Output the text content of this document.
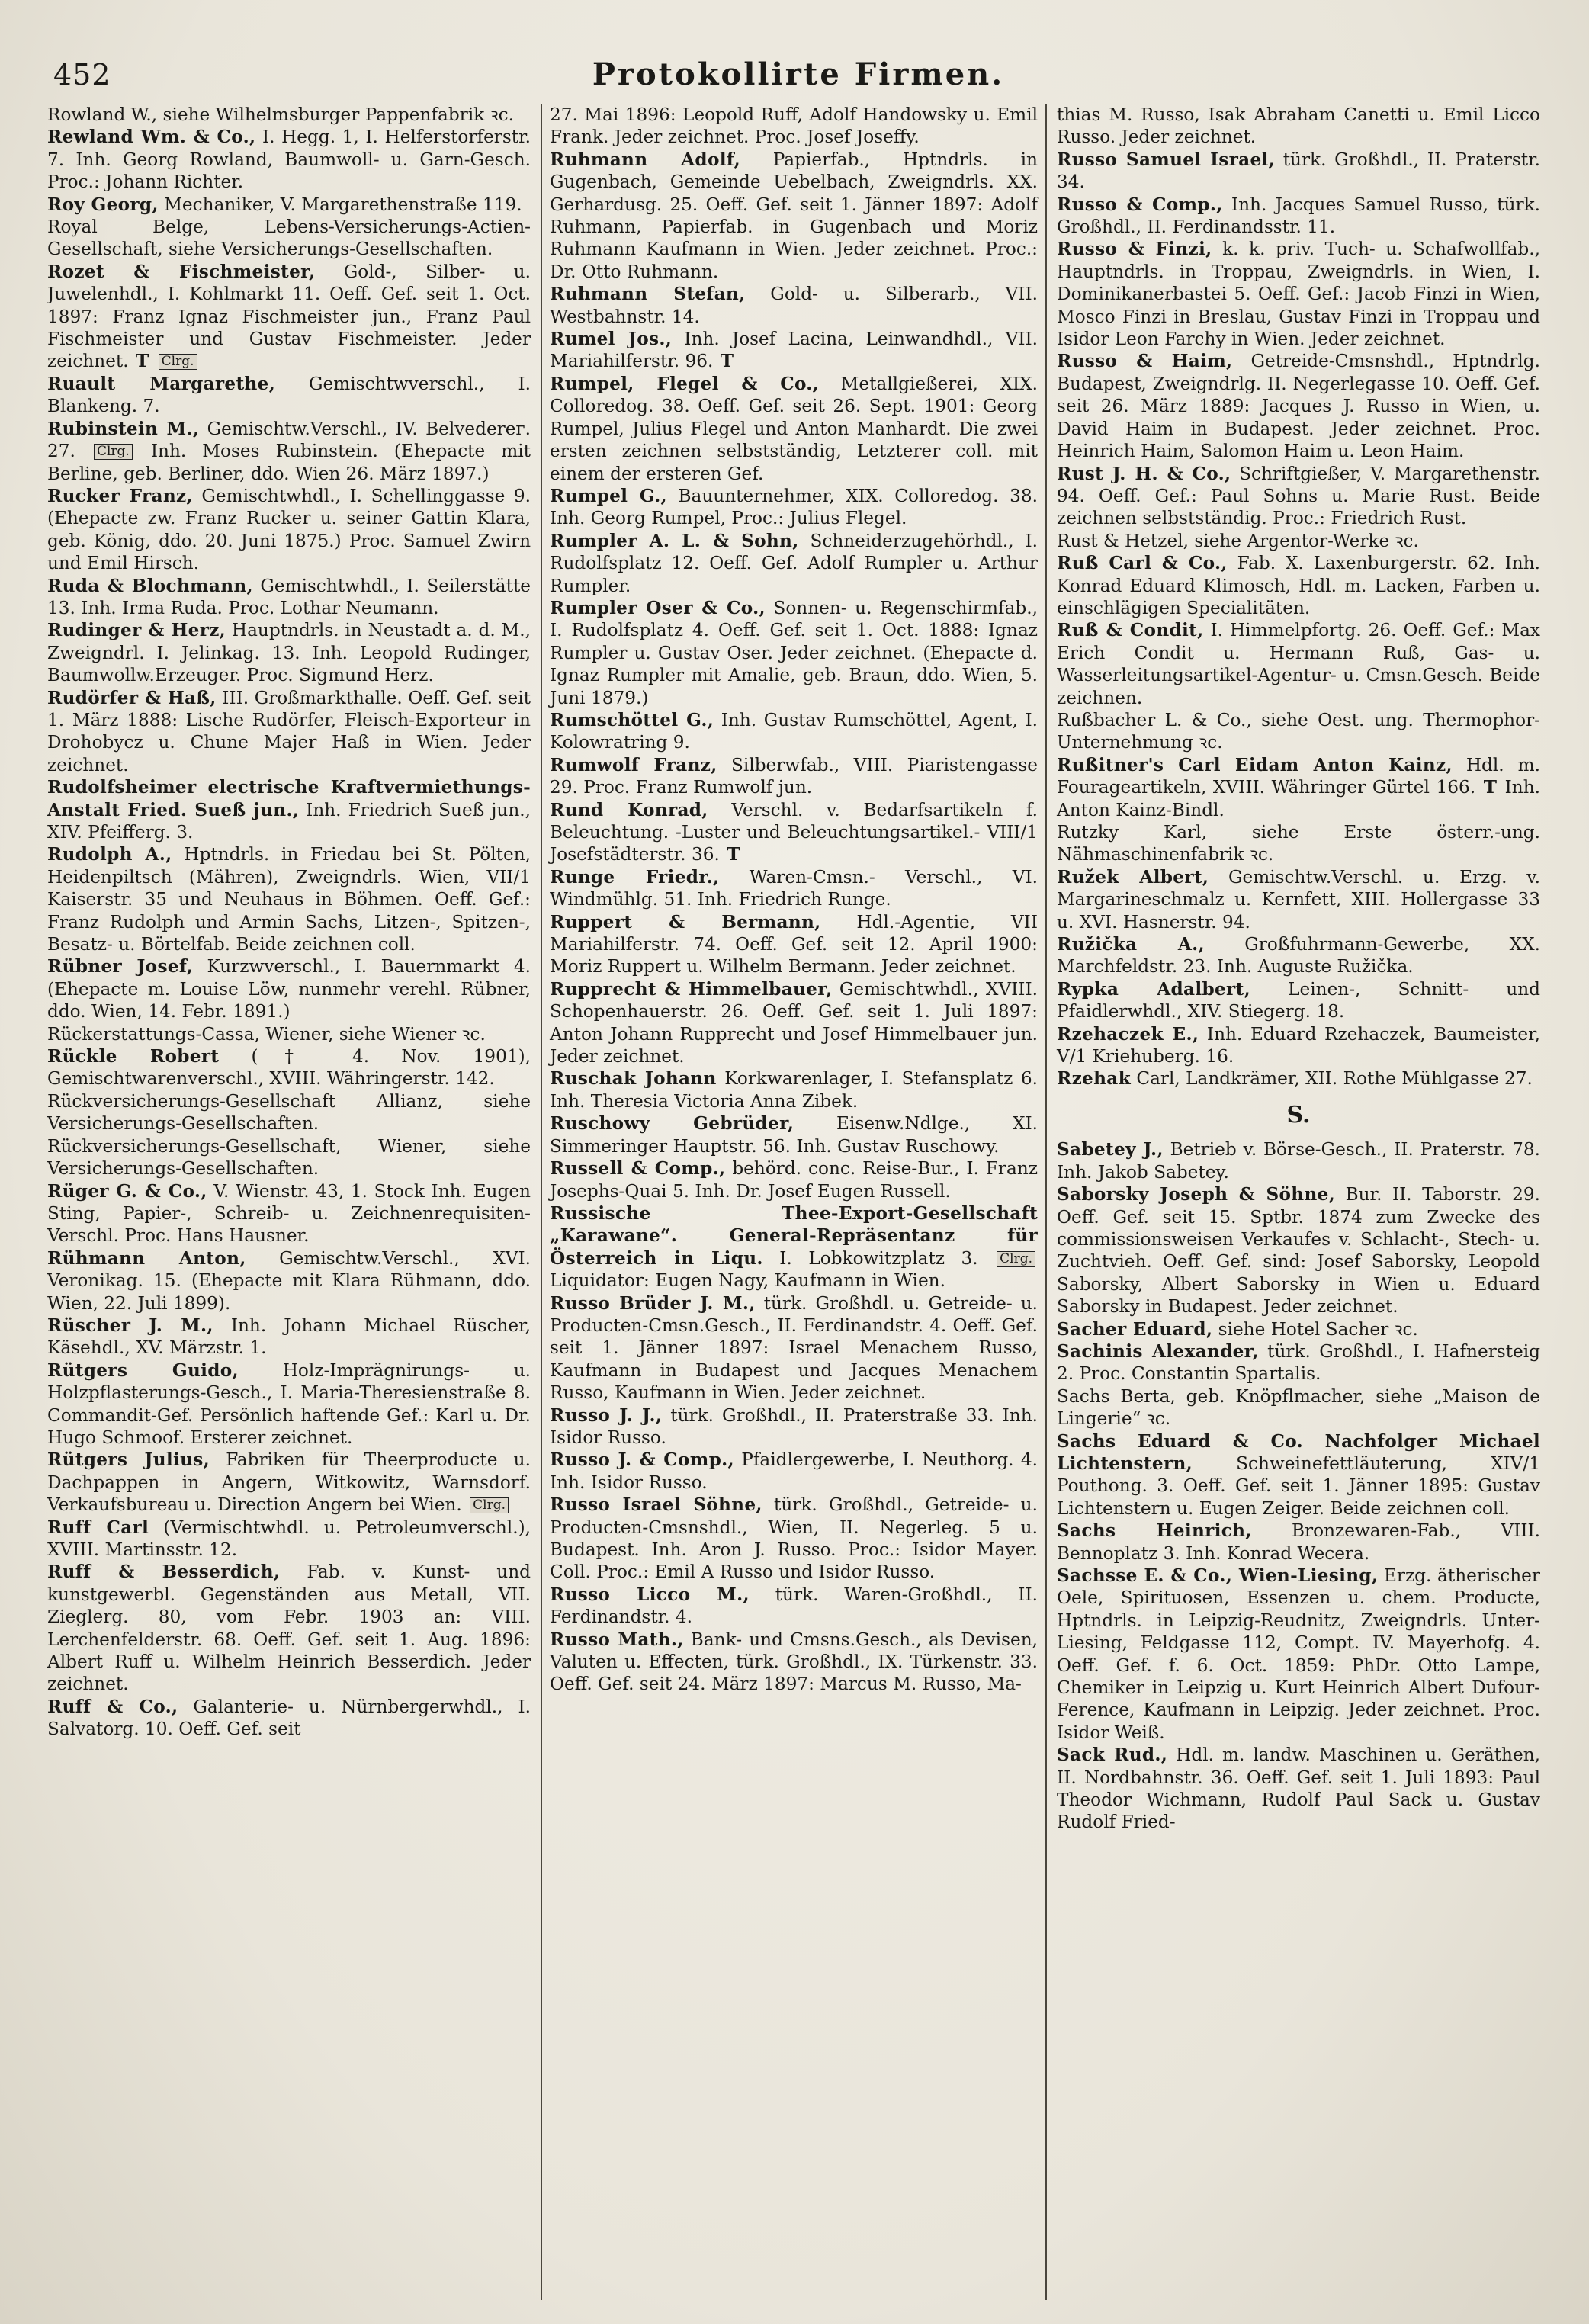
452	Protokollirte Firmen.

Rowland W., siehe Wilhelmsburger Pappenfabrik ꝛc.

Rewland Wm. & Co., I. Hegg. 1, I. Helferstorferstr. 7. Inh. Georg Rowland, Baumwoll- u. Garn-Gesch. Proc.: Johann Richter.

Roy Georg, Mechaniker, V. Margarethenstraße 119.

Royal Belge, Lebens-Versicherungs-Actien-Gesellschaft, siehe Versicherungs-Gesellschaften.

Rozet & Fischmeister, Gold-, Silber- u. Juwelenhdl., I. Kohlmarkt 11. Oeff. Gef. seit 1. Oct. 1897: Franz Ignaz Fischmeister jun., Franz Paul Fischmeister und Gustav Fischmeister. Jeder zeichnet. T Clrg.

Ruault Margarethe, Gemischtwverschl., I. Blankeng. 7.

Rubinstein M., Gemischtw.Verschl., IV. Belvederег. 27. Clrg. Inh. Moses Rubinstein. (Ehepacte mit Berline, geb. Berliner, ddo. Wien 26. März 1897.)

Rucker Franz, Gemischtwhdl., I. Schellinggasse 9. (Ehepacte zw. Franz Rucker u. seiner Gattin Klara, geb. König, ddo. 20. Juni 1875.) Proc. Samuel Zwirn und Emil Hirsch.

Ruda & Blochmann, Gemischtwhdl., I. Seilerstätte 13. Inh. Irma Ruda. Proc. Lothar Neumann.

Rudinger & Herz, Hauptndrls. in Neustadt a. d. M., Zweigndrl. I. Jelinkag. 13. Inh. Leopold Rudinger, Baumwollw.Erzeuger. Proc. Sigmund Herz.

Rudörfer & Haß, III. Großmarkthalle. Oeff. Gef. seit 1. März 1888: Lische Rudörfer, Fleisch-Exporteur in Drohobycz u. Chune Majer Haß in Wien. Jeder zeichnet.

Rudolfsheimer electrische Kraftvermiethungs-Anstalt Fried. Sueß jun., Inh. Friedrich Sueß jun., XIV. Pfeifferg. 3.

Rudolph A., Hptndrls. in Friedau bei St. Pölten, Heidenpiltsch (Mähren), Zweigndrls. Wien, VII/1 Kaiserstr. 35 und Neuhaus in Böhmen. Oeff. Gef.: Franz Rudolph und Armin Sachs, Litzen-, Spitzen-, Besatz- u. Börtelfab. Beide zeichnen coll.

Rübner Josef, Kurzwverschl., I. Bauernmarkt 4. (Ehepacte m. Louise Löw, nunmehr verehl. Rübner, ddo. Wien, 14. Febr. 1891.)

Rückerstattungs-Cassa, Wiener, siehe Wiener ꝛc.

Rückle Robert († 4. Nov. 1901), Gemischtwarenverschl., XVIII. Währingerstr. 142.

Rückversicherungs-Gesellschaft Allianz, siehe Versicherungs-Gesellschaften.

Rückversicherungs-Gesellschaft, Wiener, siehe Versicherungs-Gesellschaften.

Rüger G. & Co., V. Wienstr. 43, 1. Stock Inh. Eugen Sting, Papier-, Schreib- u. Zeichnenrequisiten-Verschl. Proc. Hans Hausner.

Rühmann Anton, Gemischtw.Verschl., XVI. Veronikag. 15. (Ehepacte mit Klara Rühmann, ddo. Wien, 22. Juli 1899).

Rüscher J. M., Inh. Johann Michael Rüscher, Käsehdl., XV. Märzstr. 1.

Rütgers Guido, Holz-Imprägnirungs- u. Holzpflasterungs-Gesch., I. Maria-Theresienstraße 8. Commandit-Gef. Persönlich haftende Gef.: Karl u. Dr. Hugo Schmoof. Ersterer zeichnet.

Rütgers Julius, Fabriken für Theerproducte u. Dachpappen in Angern, Witkowitz, Warnsdorf. Verkaufsbureau u. Direction Angern bei Wien. Clrg.

Ruff Carl (Vermischtwhdl. u. Petroleumverschl.), XVIII. Martinsstr. 12.

Ruff & Besserdich, Fab. v. Kunst- und kunstgewerbl. Gegenständen aus Metall, VII. Zieglerg. 80, vom Febr. 1903 an: VIII. Lerchenfelderstr. 68. Oeff. Gef. seit 1. Aug. 1896: Albert Ruff u. Wilhelm Heinrich Besserdich. Jeder zeichnet.

Ruff & Co., Galanterie- u. Nürnbergerwhdl., I. Salvatorg. 10. Oeff. Gef. seit

27. Mai 1896: Leopold Ruff, Adolf Handowsky u. Emil Frank. Jeder zeichnet. Proc. Josef Joseffy.

Ruhmann Adolf, Papierfab., Hptndrls. in Gugenbach, Gemeinde Uebelbach, Zweigndrls. XX. Gerhardusg. 25. Oeff. Gef. seit 1. Jänner 1897: Adolf Ruhmann, Papierfab. in Gugenbach und Moriz Ruhmann Kaufmann in Wien. Jeder zeichnet. Proc.: Dr. Otto Ruhmann.

Ruhmann Stefan, Gold- u. Silberarb., VII. Westbahnstr. 14.

Rumel Jos., Inh. Josef Lacina, Leinwandhdl., VII. Mariahilferstr. 96. T

Rumpel, Flegel & Co., Metallgießerei, XIX. Colloredog. 38. Oeff. Gef. seit 26. Sept. 1901: Georg Rumpel, Julius Flegel und Anton Manhardt. Die zwei ersten zeichnen selbstständig, Letzterer coll. mit einem der ersteren Gef.

Rumpel G., Bauunternehmer, XIX. Colloredog. 38. Inh. Georg Rumpel, Proc.: Julius Flegel.

Rumpler A. L. & Sohn, Schneiderzugehörhdl., I. Rudolfsplatz 12. Oeff. Gef. Adolf Rumpler u. Arthur Rumpler.

Rumpler Oser & Co., Sonnen- u. Regenschirmfab., I. Rudolfsplatz 4. Oeff. Gef. seit 1. Oct. 1888: Ignaz Rumpler u. Gustav Oser. Jeder zeichnet. (Ehepacte d. Ignaz Rumpler mit Amalie, geb. Braun, ddo. Wien, 5. Juni 1879.)

Rumschöttel G., Inh. Gustav Rumschöttel, Agent, I. Kolowratring 9.

Rumwolf Franz, Silberwfab., VIII. Piaristengasse 29. Proc. Franz Rumwolf jun.

Rund Konrad, Verschl. v. Bedarfsartikeln f. Beleuchtung. -Luster und Beleuchtungsartikel.- VIII/1 Josefstädterstr. 36. T

Runge Friedr., Waren-Cmsn.- Verschl., VI. Windmühlg. 51. Inh. Friedrich Runge.

Ruppert & Bermann, Hdl.-Agentie, VII Mariahilferstr. 74. Oeff. Gef. seit 12. April 1900: Moriz Ruppert u. Wilhelm Bermann. Jeder zeichnet.

Rupprecht & Himmelbauer, Gemischtwhdl., XVIII. Schopenhauerstr. 26. Oeff. Gef. seit 1. Juli 1897: Anton Johann Rupprecht und Josef Himmelbauer jun. Jeder zeichnet.

Ruschak Johann Korkwarenlager, I. Stefansplatz 6. Inh. Theresia Victoria Anna Zibek.

Ruschowy Gebrüder, Eisenw.Ndlge., XI. Simmeringer Hauptstr. 56. Inh. Gustav Ruschowy.

Russell & Comp., behörd. conc. Reise-Bur., I. Franz Josephs-Quai 5. Inh. Dr. Josef Eugen Russell.

Russische Thee-Export-Gesellschaft „Karawane“. General-Repräsentanz für Österreich in Liqu. I. Lobkowitzplatz 3. Clrg. Liquidator: Eugen Nagy, Kaufmann in Wien.

Russo Brüder J. M., türk. Großhdl. u. Getreide- u. Producten-Cmsn.Gesch., II. Ferdinandstr. 4. Oeff. Gef. seit 1. Jänner 1897: Israel Menachem Russo, Kaufmann in Budapest und Jacques Menachem Russo, Kaufmann in Wien. Jeder zeichnet.

Russo J. J., türk. Großhdl., II. Praterstraße 33. Inh. Isidor Russo.

Russo J. & Comp., Pfaidlergewerbe, I. Neuthorg. 4. Inh. Isidor Russo.

Russo Israel Söhne, türk. Großhdl., Getreide- u. Producten-Cmsnshdl., Wien, II. Negerleg. 5 u. Budapest. Inh. Aron J. Russo. Proc.: Isidor Mayer. Coll. Proc.: Emil A Russo und Isidor Russo.

Russo Licco M., türk. Waren-Großhdl., II. Ferdinandstr. 4.

Russo Math., Bank- und Cmsns.Gesch., als Devisen, Valuten u. Effecten, türk. Großhdl., IX. Türkenstr. 33. Oeff. Gef. seit 24. März 1897: Marcus M. Russo, Ma-

thias M. Russo, Isak Abraham Canetti u. Emil Licco Russo. Jeder zeichnet.

Russo Samuel Israel, türk. Großhdl., II. Praterstr. 34.

Russo & Comp., Inh. Jacques Samuel Russo, türk. Großhdl., II. Ferdinandsstr. 11.

Russo & Finzi, k. k. priv. Tuch- u. Schafwollfab., Hauptndrls. in Troppau, Zweigndrls. in Wien, I. Dominikanerbastei 5. Oeff. Gef.: Jacob Finzi in Wien, Mosco Finzi in Breslau, Gustav Finzi in Troppau und Isidor Leon Farchy in Wien. Jeder zeichnet.

Russo & Haim, Getreide-Cmsnshdl., Hptndrlg. Budapest, Zweigndrlg. II. Negerlegasse 10. Oeff. Gef. seit 26. März 1889: Jacques J. Russo in Wien, u. David Haim in Budapest. Jeder zeichnet. Proc. Heinrich Haim, Salomon Haim u. Leon Haim.

Rust J. H. & Co., Schriftgießer, V. Margarethenstr. 94. Oeff. Gef.: Paul Sohns u. Marie Rust. Beide zeichnen selbstständig. Proc.: Friedrich Rust.

Rust & Hetzel, siehe Argentor-Werke ꝛc.

Ruß Carl & Co., Fab. X. Laxenburgerstr. 62. Inh. Konrad Eduard Klimosch, Hdl. m. Lacken, Farben u. einschlägigen Specialitäten.

Ruß & Condit, I. Himmelpfortg. 26. Oeff. Gef.: Max Erich Condit u. Hermann Ruß, Gas- u. Wasserleitungsartikel-Agentur- u. Cmsn.Gesch. Beide zeichnen.

Rußbacher L. & Co., siehe Oest. ung. Thermophor-Unternehmung ꝛc.

Rußitner's Carl Eidam Anton Kainz, Hdl. m. Fourageartikeln, XVIII. Währinger Gürtel 166. T Inh. Anton Kainz-Bindl.

Rutzky Karl, siehe Erste österr.-ung. Nähmaschinenfabrik ꝛc.

Ružek Albert, Gemischtw.Verschl. u. Erzg. v. Margarineschmalz u. Kernfett, XIII. Hollergasse 33 u. XVI. Hasnerstr. 94.

Ružička A., Großfuhrmann-Gewerbe, XX. Marchfeldstr. 23. Inh. Auguste Ružička.

Rypka Adalbert, Leinen-, Schnitt- und Pfaidlerwhdl., XIV. Stiegerg. 18.

Rzehaczek E., Inh. Eduard Rzehaczek, Baumeister, V/1 Kriehuberg. 16.

Rzehak Carl, Landkrämer, XII. Rothe Mühlgasse 27.

S.

Sabetey J., Betrieb v. Börse-Gesch., II. Praterstr. 78. Inh. Jakob Sabetey.

Saborsky Joseph & Söhne, Bur. II. Taborstr. 29. Oeff. Gef. seit 15. Sptbr. 1874 zum Zwecke des commissionsweisen Verkaufes v. Schlacht-, Stech- u. Zuchtvieh. Oeff. Gef. sind: Josef Saborsky, Leopold Saborsky, Albert Saborsky in Wien u. Eduard Saborsky in Budapest. Jeder zeichnet.

Sacher Eduard, siehe Hotel Sacher ꝛc.

Sachinis Alexander, türk. Großhdl., I. Hafnersteig 2. Proc. Constantin Spartalis.

Sachs Berta, geb. Knöpflmacher, siehe „Maison de Lingerie“ ꝛc.

Sachs Eduard & Co. Nachfolger Michael Lichtenstern, Schweinefettläuterung, XIV/1 Pouthong. 3. Oeff. Gef. seit 1. Jänner 1895: Gustav Lichtenstern u. Eugen Zeiger. Beide zeichnen coll.

Sachs Heinrich, Bronzewaren-Fab., VIII. Bennoplatz 3. Inh. Konrad Wecera.

Sachsse E. & Co., Wien-Liesing, Erzg. ätherischer Oele, Spirituosen, Essenzen u. chem. Producte, Hptndrls. in Leipzig-Reudnitz, Zweigndrls. Unter-Liesing, Feldgasse 112, Compt. IV. Mayerhofg. 4. Oeff. Gef. f. 6. Oct. 1859: PhDr. Otto Lampe, Chemiker in Leipzig u. Kurt Heinrich Albert Dufour-Ference, Kaufmann in Leipzig. Jeder zeichnet. Proc. Isidor Weiß.

Sack Rud., Hdl. m. landw. Maschinen u. Geräthen, II. Nordbahnstr. 36. Oeff. Gef. seit 1. Juli 1893: Paul Theodor Wichmann, Rudolf Paul Sack u. Gustav Rudolf Fried-
